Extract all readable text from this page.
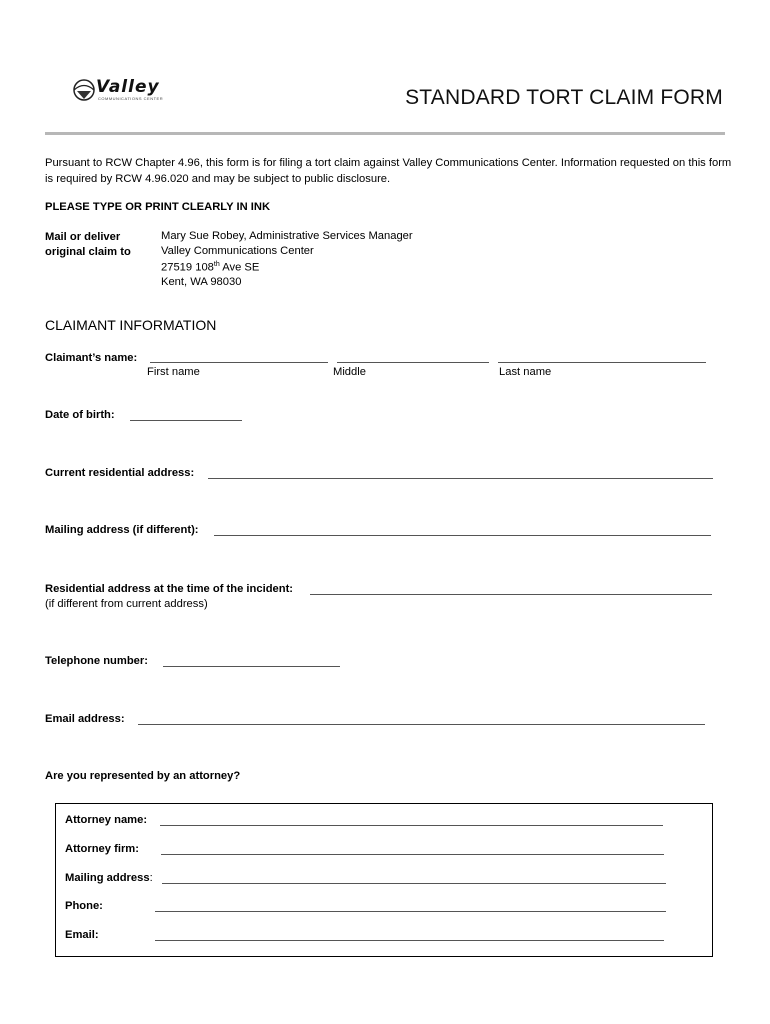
Valley
COMMUNICATIONS CENTER	STANDARD TORT CLAIM FORM
Pursuant to RCW Chapter 4.96, this form is for filing a tort claim against Valley Communications Center. Information requested on this form is required by RCW 4.96.020 and may be subject to public disclosure.
PLEASE TYPE OR PRINT CLEARLY IN INK
Mail or deliver
original claim to
Mary Sue Robey, Administrative Services Manager
Valley Communications Center
27519 108th Ave SE
Kent, WA 98030
CLAIMANT INFORMATION
Claimant’s name:
First name	Middle	Last name
Date of birth:
Current residential address:
Mailing address (if different):
Residential address at the time of the incident:
(if different from current address)
Telephone number:
Email address:
Are you represented by an attorney?
Attorney name:
Attorney firm:
Mailing address:
Phone:
Email:
